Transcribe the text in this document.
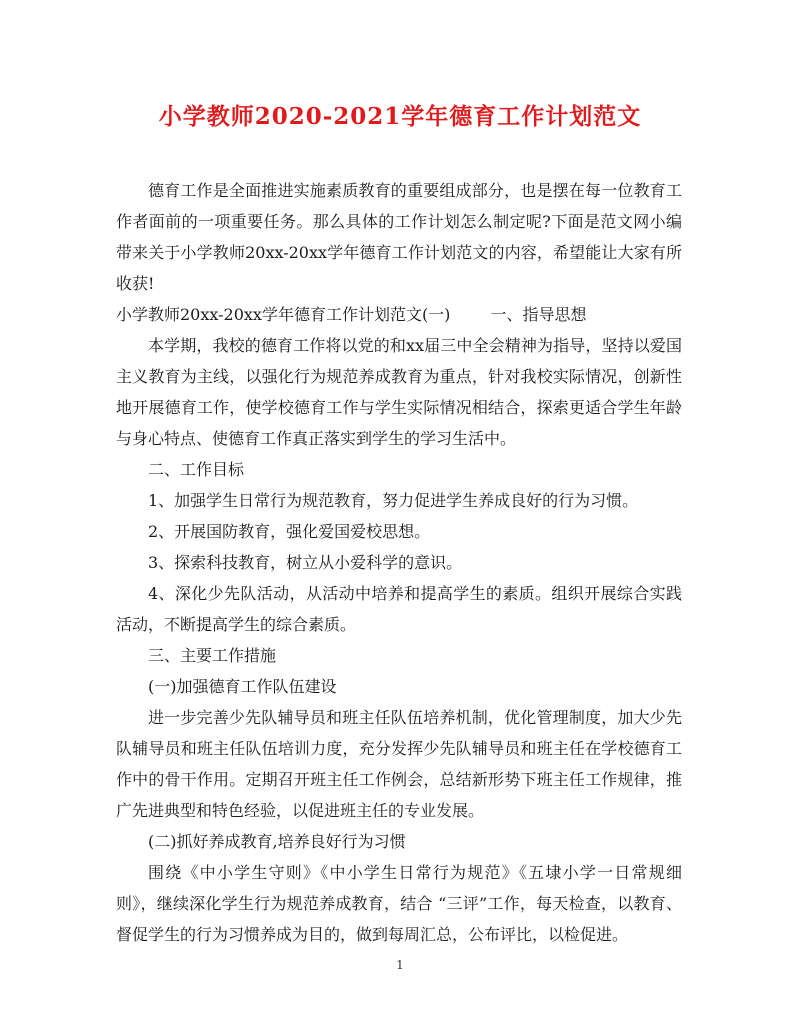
小学教师2020-2021学年德育工作计划范文

德育工作是全面推进实施素质教育的重要组成部分，也是摆在每一位教育工作者面前的一项重要任务。那么具体的工作计划怎么制定呢?下面是范文网小编带来关于小学教师20xx-20xx学年德育工作计划范文的内容，希望能让大家有所收获!

小学教师20xx-20xx学年德育工作计划范文(一)	一、指导思想

本学期，我校的德育工作将以党的和xx届三中全会精神为指导，坚持以爱国主义教育为主线，以强化行为规范养成教育为重点，针对我校实际情况，创新性地开展德育工作，使学校德育工作与学生实际情况相结合，探索更适合学生年龄与身心特点、使德育工作真正落实到学生的学习生活中。

二、工作目标

1、加强学生日常行为规范教育，努力促进学生养成良好的行为习惯。

2、开展国防教育，强化爱国爱校思想。

3、探索科技教育，树立从小爱科学的意识。

4、深化少先队活动，从活动中培养和提高学生的素质。组织开展综合实践活动，不断提高学生的综合素质。

三、主要工作措施

(一)加强德育工作队伍建设

进一步完善少先队辅导员和班主任队伍培养机制，优化管理制度，加大少先队辅导员和班主任队伍培训力度，充分发挥少先队辅导员和班主任在学校德育工作中的骨干作用。定期召开班主任工作例会，总结新形势下班主任工作规律，推广先进典型和特色经验，以促进班主任的专业发展。

(二)抓好养成教育,培养良好行为习惯

围绕《中小学生守则》《中小学生日常行为规范》《五埭小学一日常规细则》，继续深化学生行为规范养成教育，结合 “三评”工作，每天检查，以教育、督促学生的行为习惯养成为目的，做到每周汇总，公布评比，以检促进。

1
